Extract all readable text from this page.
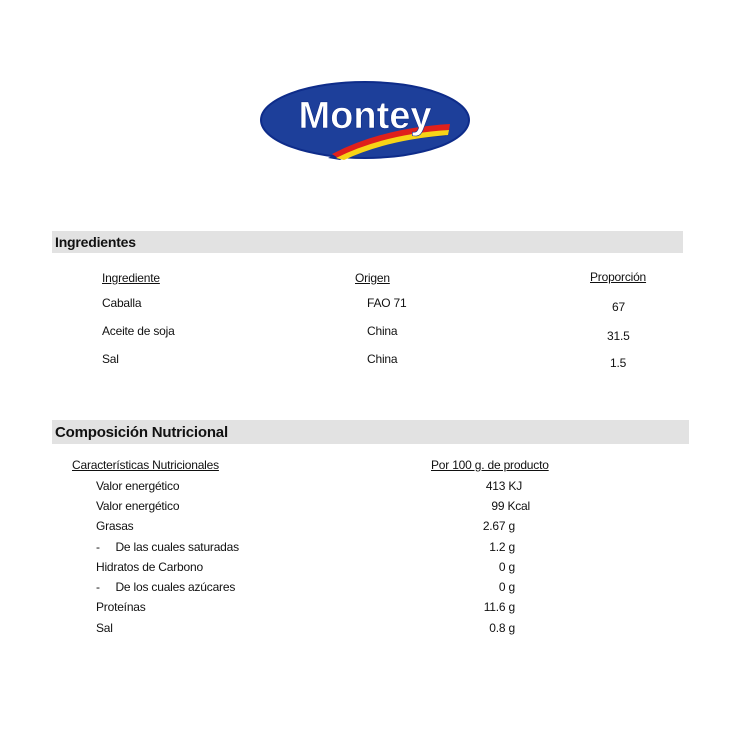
Montey
Ingredientes
Ingrediente	Origen	Proporción
Caballa	FAO 71	67
Aceite de soja	China	31.5
Sal	China	1.5
Composición Nutricional
Características Nutricionales	Por 100 g. de producto
Valor energético	413 KJ
Valor energético	99 Kcal
Grasas	2.67 g
-     De las cuales saturadas	1.2 g
Hidratos de Carbono	0 g
-     De los cuales azúcares	0 g
Proteínas	11.6 g
Sal	0.8 g
